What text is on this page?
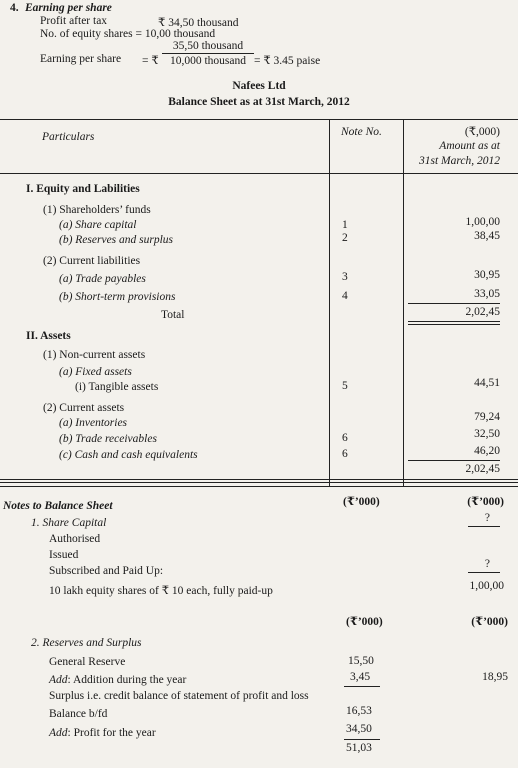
4. Earning per share
Profit after tax	₹ 34,50 thousand
No. of equity shares = 10,00 thousand
Earning per share = ₹
35,50 thousand
10,000 thousand = ₹ 3.45 paise
Nafees Ltd
Balance Sheet as at 31st March, 2012
Particulars	Note No.	(₹,000)
Amount as at
31st March, 2012
I. Equity and Labilities
(1) Shareholders’ funds
(a) Share capital	1	1,00,00
(b) Reserves and surplus	2	38,45
(2) Current liabilities
(a) Trade payables	3	30,95
(b) Short-term provisions	4	33,05
Total	2,02,45
II. Assets
(1) Non-current assets
(a) Fixed assets
(i) Tangible assets	5	44,51
(2) Current assets
(a) Inventories	79,24
(b) Trade receivables	6	32,50
(c) Cash and cash equivalents	6	46,20
2,02,45
Notes to Balance Sheet	(₹’000)	(₹’000)
1. Share Capital
Authorised
?
Issued
Subscribed and Paid Up:
?
10 lakh equity shares of ₹ 10 each, fully paid-up	1,00,00
(₹’000)	(₹’000)
2. Reserves and Surplus
General Reserve	15,50
Add: Addition during the year	3,45	18,95
Surplus i.e. credit balance of statement of profit and loss
Balance b/fd	16,53
Add: Profit for the year	34,50
51,03
